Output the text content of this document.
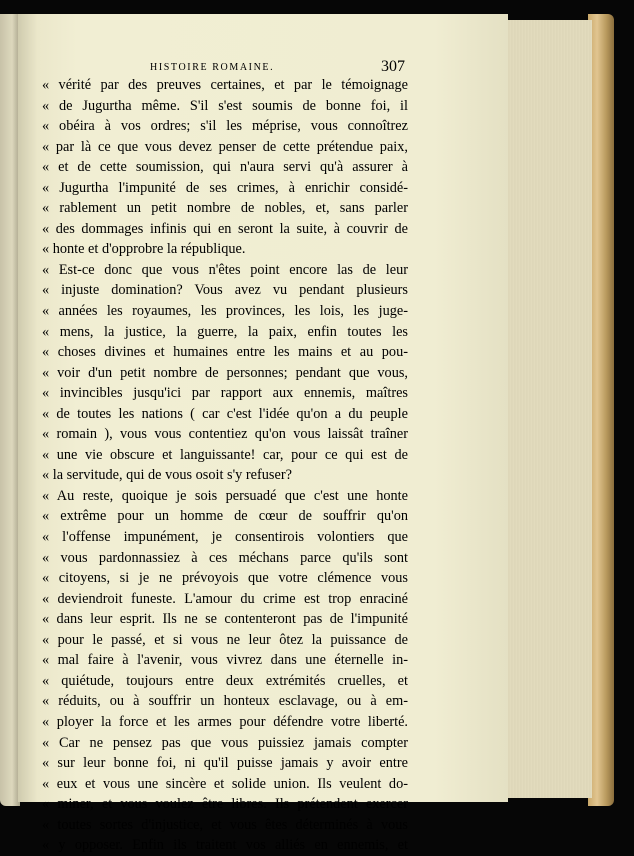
HISTOIRE ROMAINE.	307
« vérité par des preuves certaines, et par le témoignage
« de Jugurtha même. S'il s'est soumis de bonne foi, il
« obéira à vos ordres; s'il les méprise, vous connoîtrez
« par là ce que vous devez penser de cette prétendue paix,
« et de cette soumission, qui n'aura servi qu'à assurer à
« Jugurtha l'impunité de ses crimes, à enrichir considé-
« rablement un petit nombre de nobles, et, sans parler
« des dommages infinis qui en seront la suite, à couvrir de
« honte et d'opprobre la république.
« Est-ce donc que vous n'êtes point encore las de leur
« injuste domination? Vous avez vu pendant plusieurs
« années les royaumes, les provinces, les lois, les juge-
« mens, la justice, la guerre, la paix, enfin toutes les
« choses divines et humaines entre les mains et au pou-
« voir d'un petit nombre de personnes; pendant que vous,
« invincibles jusqu'ici par rapport aux ennemis, maîtres
« de toutes les nations ( car c'est l'idée qu'on a du peuple
« romain ), vous vous contentiez qu'on vous laissât traîner
« une vie obscure et languissante! car, pour ce qui est de
« la servitude, qui de vous osoit s'y refuser?
« Au reste, quoique je sois persuadé que c'est une honte
« extrême pour un homme de cœur de souffrir qu'on
« l'offense impunément, je consentirois volontiers que
« vous pardonnassiez à ces méchans parce qu'ils sont
« citoyens, si je ne prévoyois que votre clémence vous
« deviendroit funeste. L'amour du crime est trop enraciné
« dans leur esprit. Ils ne se contenteront pas de l'impunité
« pour le passé, et si vous ne leur ôtez la puissance de
« mal faire à l'avenir, vous vivrez dans une éternelle in-
« quiétude, toujours entre deux extrémités cruelles, et
« réduits, ou à souffrir un honteux esclavage, ou à em-
« ployer la force et les armes pour défendre votre liberté.
« Car ne pensez pas que vous puissiez jamais compter
« sur leur bonne foi, ni qu'il puisse jamais y avoir entre
« eux et vous une sincère et solide union. Ils veulent do-
« miner, et vous voulez être libres. Ils prétendent exercer
« toutes sortes d'injustice, et vous êtes déterminés à vous
« y opposer. Enfin ils traitent vos alliés en ennemis, et
